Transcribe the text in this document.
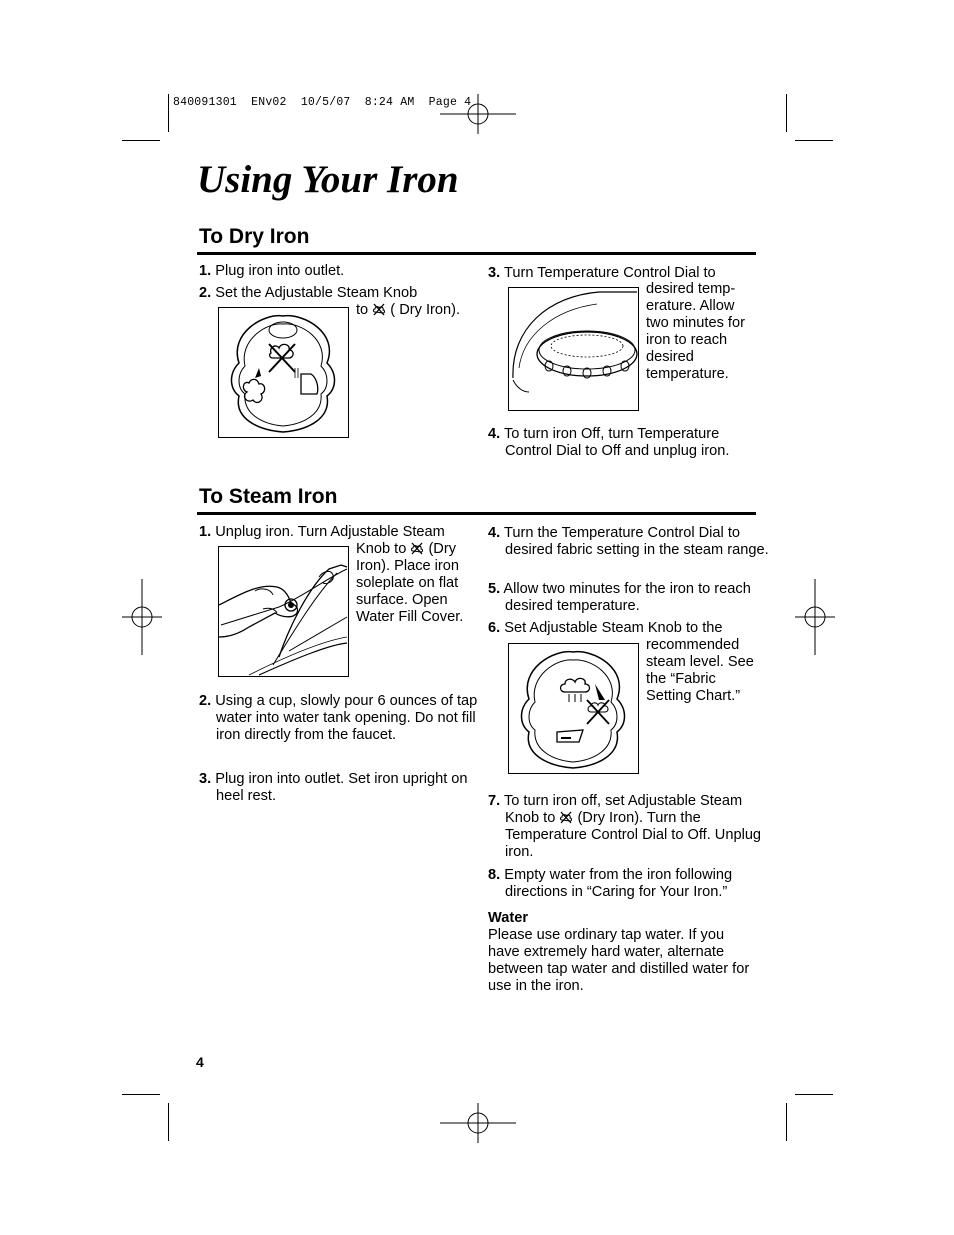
840091301  ENv02  10/5/07  8:24 AM  Page 4
Using Your Iron
To Dry Iron
1. Plug iron into outlet.
2. Set the Adjustable Steam Knob
to ( Dry Iron).
3. Turn Temperature Control Dial to
desired temp-
erature. Allow
two minutes for
iron to reach
desired
temperature.
4. To turn iron Off, turn Temperature Control Dial to Off and unplug iron.
To Steam Iron
1. Unplug iron. Turn Adjustable Steam
Knob to (Dry
Iron). Place iron
soleplate on flat
surface. Open
Water Fill Cover.
2. Using a cup, slowly pour 6 ounces of tap water into water tank opening. Do not fill iron directly from the faucet.
3. Plug iron into outlet. Set iron upright on heel rest.
4. Turn the Temperature Control Dial to desired fabric setting in the steam range.
5. Allow two minutes for the iron to reach desired temperature.
6. Set Adjustable Steam Knob to the
recommended
steam level. See
the “Fabric
Setting Chart.”
7. To turn iron off, set Adjustable Steam Knob to (Dry Iron). Turn the Temperature Control Dial to Off. Unplug iron.
8. Empty water from the iron following directions in “Caring for Your Iron.”
Water
Please use ordinary tap water. If you have extremely hard water, alternate between tap water and distilled water for use in the iron.
4
